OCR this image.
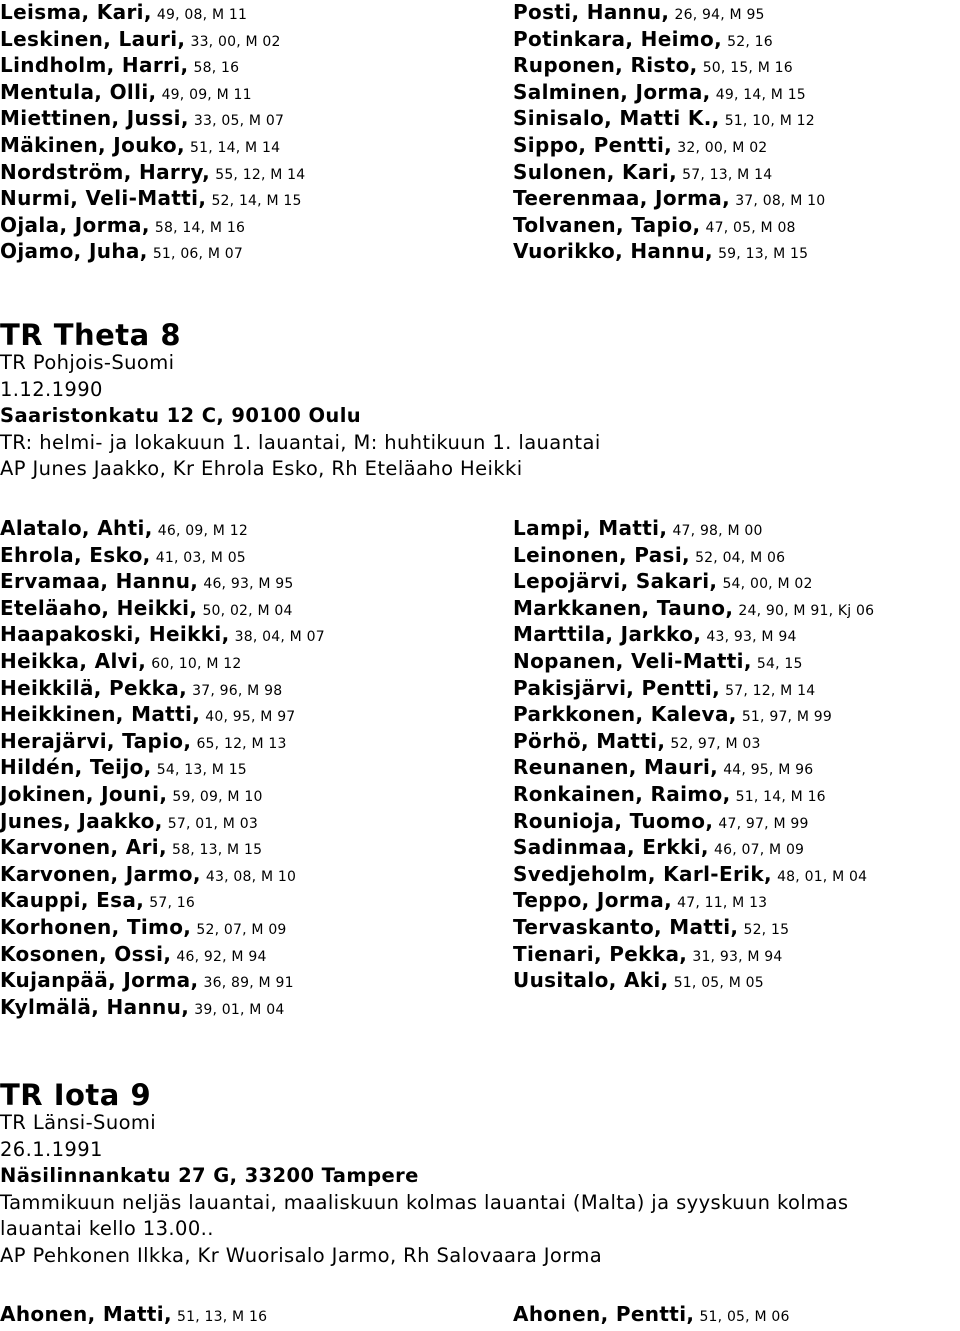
Leisma, Kari, 49, 08, M 11
Leskinen, Lauri, 33, 00, M 02
Lindholm, Harri, 58, 16
Mentula, Olli, 49, 09, M 11
Miettinen, Jussi, 33, 05, M 07
Mäkinen, Jouko, 51, 14, M 14
Nordström, Harry, 55, 12, M 14
Nurmi, Veli-Matti, 52, 14, M 15
Ojala, Jorma, 58, 14, M 16
Ojamo, Juha, 51, 06, M 07
Posti, Hannu, 26, 94, M 95
Potinkara, Heimo, 52, 16
Ruponen, Risto, 50, 15, M 16
Salminen, Jorma, 49, 14, M 15
Sinisalo, Matti K., 51, 10, M 12
Sippo, Pentti, 32, 00, M 02
Sulonen, Kari, 57, 13, M 14
Teerenmaa, Jorma, 37, 08, M 10
Tolvanen, Tapio, 47, 05, M 08
Vuorikko, Hannu, 59, 13, M 15
TR Theta 8
TR Pohjois-Suomi
1.12.1990
Saaristonkatu 12 C, 90100 Oulu
TR: helmi- ja lokakuun 1. lauantai, M: huhtikuun 1. lauantai
AP Junes Jaakko, Kr Ehrola Esko, Rh Eteläaho Heikki
Alatalo, Ahti, 46, 09, M 12
Ehrola, Esko, 41, 03, M 05
Ervamaa, Hannu, 46, 93, M 95
Eteläaho, Heikki, 50, 02, M 04
Haapakoski, Heikki, 38, 04, M 07
Heikka, Alvi, 60, 10, M 12
Heikkilä, Pekka, 37, 96, M 98
Heikkinen, Matti, 40, 95, M 97
Herajärvi, Tapio, 65, 12, M 13
Hildén, Teijo, 54, 13, M 15
Jokinen, Jouni, 59, 09, M 10
Junes, Jaakko, 57, 01, M 03
Karvonen, Ari, 58, 13, M 15
Karvonen, Jarmo, 43, 08, M 10
Kauppi, Esa, 57, 16
Korhonen, Timo, 52, 07, M 09
Kosonen, Ossi, 46, 92, M 94
Kujanpää, Jorma, 36, 89, M 91
Kylmälä, Hannu, 39, 01, M 04
Lampi, Matti, 47, 98, M 00
Leinonen, Pasi, 52, 04, M 06
Lepojärvi, Sakari, 54, 00, M 02
Markkanen, Tauno, 24, 90, M 91, Kj 06
Marttila, Jarkko, 43, 93, M 94
Nopanen, Veli-Matti, 54, 15
Pakisjärvi, Pentti, 57, 12, M 14
Parkkonen, Kaleva, 51, 97, M 99
Pörhö, Matti, 52, 97, M 03
Reunanen, Mauri, 44, 95, M 96
Ronkainen, Raimo, 51, 14, M 16
Rounioja, Tuomo, 47, 97, M 99
Sadinmaa, Erkki, 46, 07, M 09
Svedjeholm, Karl-Erik, 48, 01, M 04
Teppo, Jorma, 47, 11, M 13
Tervaskanto, Matti, 52, 15
Tienari, Pekka, 31, 93, M 94
Uusitalo, Aki, 51, 05, M 05
TR Iota 9
TR Länsi-Suomi
26.1.1991
Näsilinnankatu 27 G, 33200 Tampere
Tammikuun neljäs lauantai, maaliskuun kolmas lauantai (Malta) ja syyskuun kolmas
lauantai kello 13.00..
AP Pehkonen Ilkka, Kr Wuorisalo Jarmo, Rh Salovaara Jorma
Ahonen, Matti, 51, 13, M 16	Ahonen, Pentti, 51, 05, M 06
